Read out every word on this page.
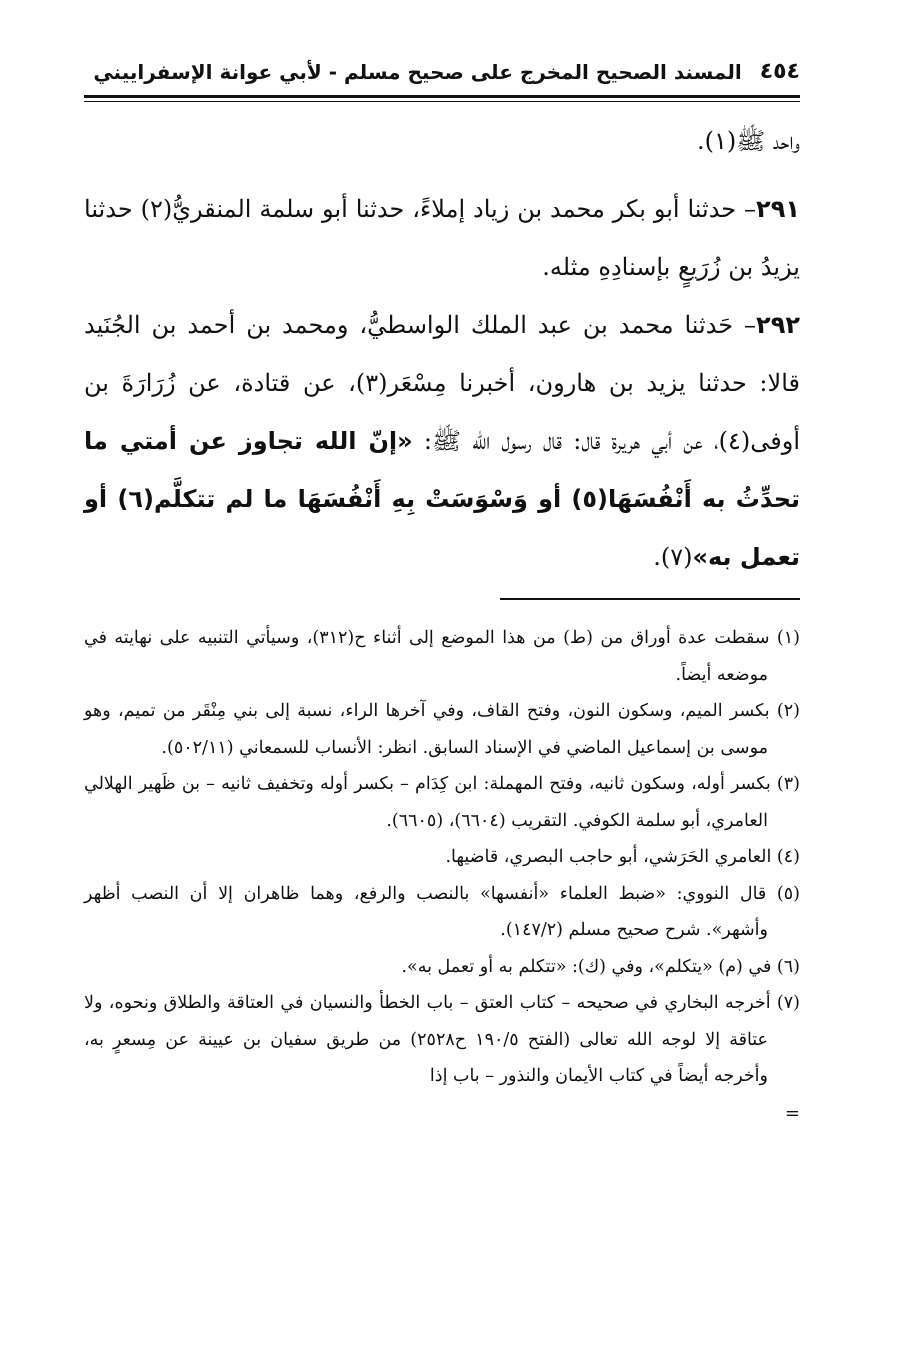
٤٥٤
المسند الصحيح المخرج على صحيح مسلم - لأبي عوانة الإسفراييني

واحد ﷺ(١).

٢٩١– حدثنا أبو بكر محمد بن زياد إملاءً، حدثنا أبو سلمة المنقريُّ(٢) حدثنا يزيدُ بن زُرَيعٍ بإسنادِهِ مثله.

٢٩٢– حَدثنا محمد بن عبد الملك الواسطيُّ، ومحمد بن أحمد بن الجُنَيد قالا: حدثنا يزيد بن هارون، أخبرنا مِسْعَر(٣)، عن قتادة، عن زُرَارَةَ بن أوفى(٤)، عن أبي هريرة قال: قال رسول الله ﷺ: «إنّ الله تجاوز عن أمتي ما تحدِّثُ به أَنْفُسَهَا(٥) أو وَسْوَسَتْ بِهِ أَنْفُسَهَا ما لم تتكلَّم(٦) أو تعمل به»(٧).

(١) سقطت عدة أوراق من (ط) من هذا الموضع إلى أثناء ح(٣١٢)، وسيأتي التنبيه على نهايته في موضعه أيضاً.

(٢) بكسر الميم، وسكون النون، وفتح القاف، وفي آخرها الراء، نسبة إلى بني مِنْقَر من تميم، وهو موسى بن إسماعيل الماضي في الإسناد السابق. انظر: الأنساب للسمعاني (٥٠٢/١١).

(٣) بكسر أوله، وسكون ثانيه، وفتح المهملة: ابن كِدَام – بكسر أوله وتخفيف ثانيه – بن ظَهير الهلالي العامري، أبو سلمة الكوفي. التقريب (٦٦٠٤)، (٦٦٠٥).

(٤) العامري الحَرَشي، أبو حاجب البصري، قاضيها.

(٥) قال النووي: «ضبط العلماء «أنفسها» بالنصب والرفع، وهما ظاهران إلا أن النصب أظهر وأشهر». شرح صحيح مسلم (١٤٧/٢).

(٦) في (م) «يتكلم»، وفي (ك): «تتكلم به أو تعمل به».

(٧) أخرجه البخاري في صحيحه – كتاب العتق – باب الخطأ والنسيان في العتاقة والطلاق ونحوه، ولا عتاقة إلا لوجه الله تعالى (الفتح ١٩٠/٥ ح٢٥٢٨) من طريق سفيان بن عيينة عن مِسعرٍ به، وأخرجه أيضاً في كتاب الأيمان والنذور – باب إذا

=
